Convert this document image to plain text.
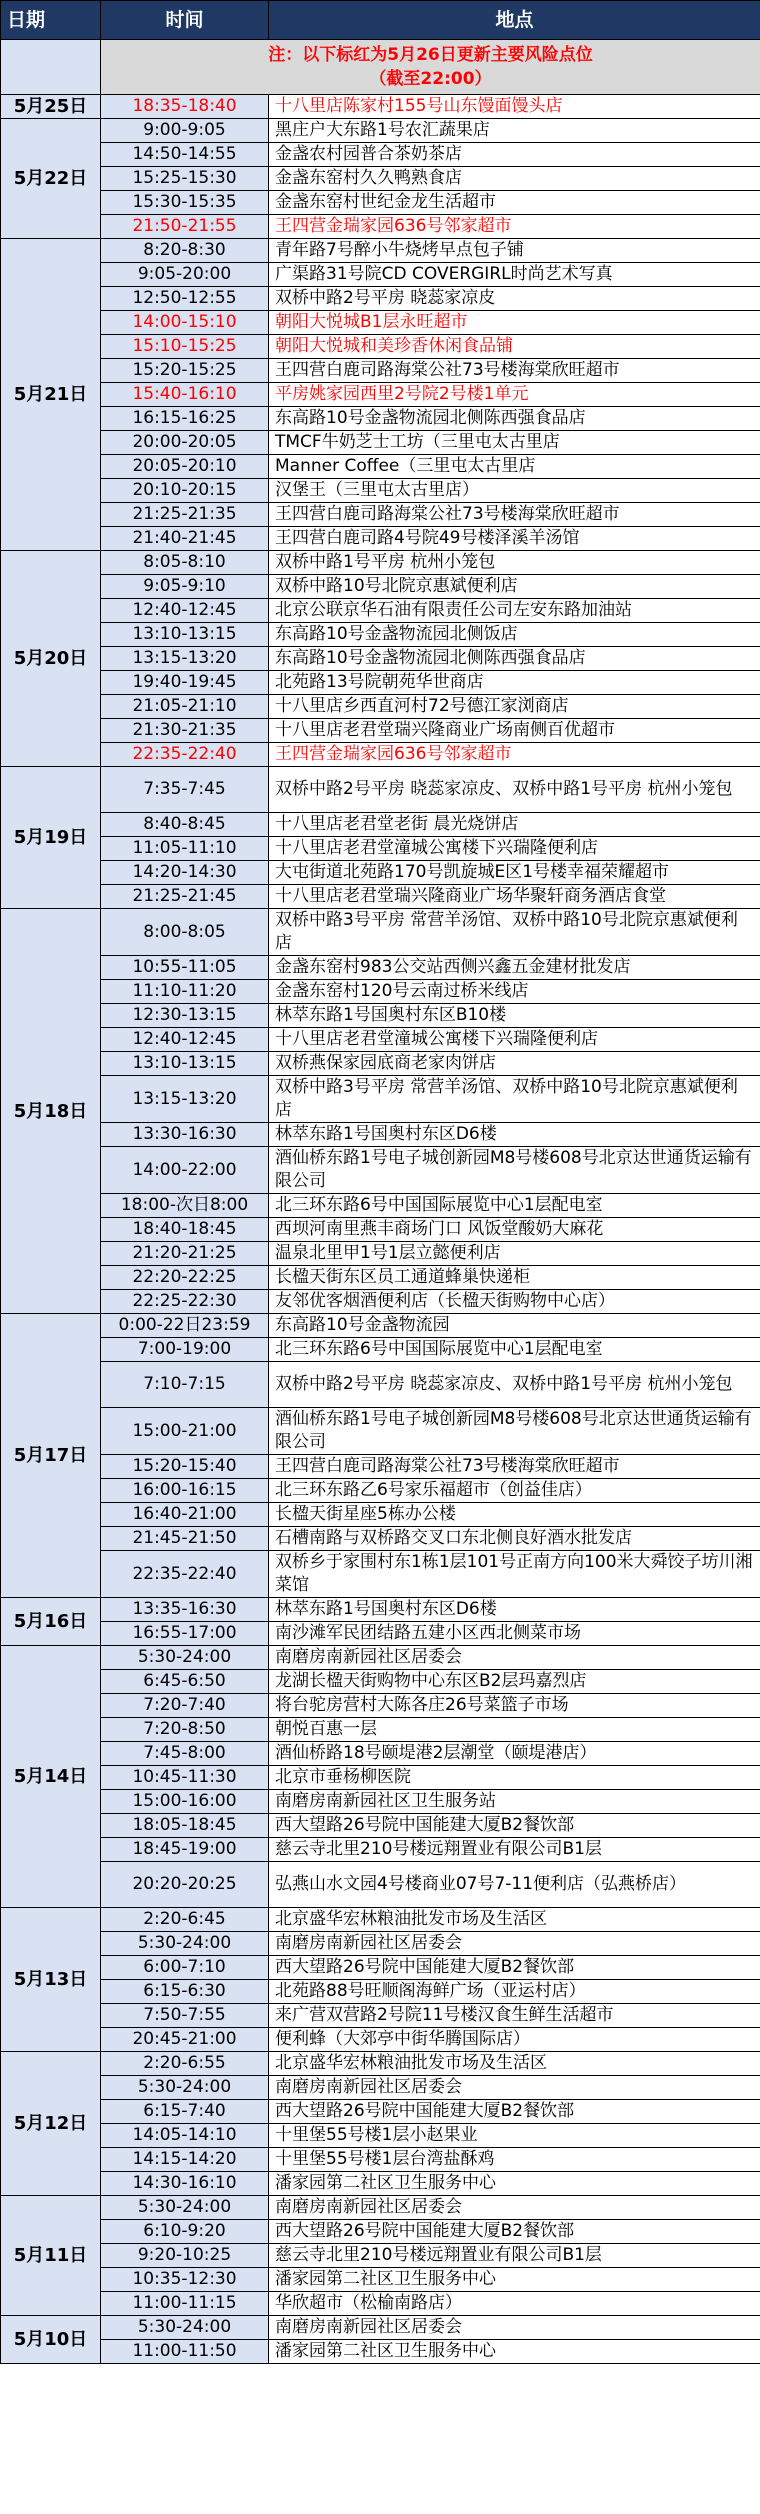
日期	时间	地点

	注：以下标红为5月26日更新主要风险点位
（截至22:00）	

5月25日	18:35-18:40	十八里店陈家村155号山东馒面馒头店
5月22日	9:00-9:05	黑庄户大东路1号农汇蔬果店
	14:50-14:55	金盏农村园普合茶奶茶店
	15:25-15:30	金盏东窑村久久鸭熟食店
	15:30-15:35	金盏东窑村世纪金龙生活超市
	21:50-21:55	王四营金瑞家园636号邻家超市
5月21日	8:20-8:30	青年路7号醉小牛烧烤早点包子铺
	9:05-20:00	广渠路31号院CD COVERGIRL时尚艺术写真
	12:50-12:55	双桥中路2号平房 晓蕊家凉皮
	14:00-15:10	朝阳大悦城B1层永旺超市
	15:10-15:25	朝阳大悦城和美珍香休闲食品铺
	15:20-15:25	王四营白鹿司路海棠公社73号楼海棠欣旺超市
	15:40-16:10	平房姚家园西里2号院2号楼1单元
	16:15-16:25	东高路10号金盏物流园北侧陈西强食品店
	20:00-20:05	TMCF牛奶芝士工坊（三里屯太古里店
	20:05-20:10	Manner Coffee（三里屯太古里店
	20:10-20:15	汉堡王（三里屯太古里店）
	21:25-21:35	王四营白鹿司路海棠公社73号楼海棠欣旺超市
	21:40-21:45	王四营白鹿司路4号院49号楼泽溪羊汤馆
5月20日	8:05-8:10	双桥中路1号平房 杭州小笼包
	9:05-9:10	双桥中路10号北院京惠斌便利店
	12:40-12:45	北京公联京华石油有限责任公司左安东路加油站
	13:10-13:15	东高路10号金盏物流园北侧饭店
	13:15-13:20	东高路10号金盏物流园北侧陈西强食品店
	19:40-19:45	北苑路13号院朝苑华世商店
	21:05-21:10	十八里店乡西直河村72号德江家浏商店
	21:30-21:35	十八里店老君堂瑞兴隆商业广场南侧百优超市
	22:35-22:40	王四营金瑞家园636号邻家超市
5月19日	7:35-7:45	双桥中路2号平房 晓蕊家凉皮、双桥中路1号平房 杭州小笼包
	8:40-8:45	十八里店老君堂老街 晨光烧饼店
	11:05-11:10	十八里店老君堂潼城公寓楼下兴瑞隆便利店
	14:20-14:30	大屯街道北苑路170号凯旋城E区1号楼幸福荣耀超市
	21:25-21:45	十八里店老君堂瑞兴隆商业广场华聚轩商务酒店食堂
5月18日	8:00-8:05	双桥中路3号平房 常营羊汤馆、双桥中路10号北院京惠斌便利店
	10:55-11:05	金盏东窑村983公交站西侧兴鑫五金建材批发店
	11:10-11:20	金盏东窑村120号云南过桥米线店
	12:30-13:15	林萃东路1号国奥村东区B10楼
	12:40-12:45	十八里店老君堂潼城公寓楼下兴瑞隆便利店
	13:10-13:15	双桥燕保家园底商老家肉饼店
	13:15-13:20	双桥中路3号平房 常营羊汤馆、双桥中路10号北院京惠斌便利店
	13:30-16:30	林萃东路1号国奥村东区D6楼
	14:00-22:00	酒仙桥东路1号电子城创新园M8号楼608号北京达世通货运输有限公司
	18:00-次日8:00	北三环东路6号中国国际展览中心1层配电室
	18:40-18:45	西坝河南里燕丰商场门口 风饭堂酸奶大麻花
	21:20-21:25	温泉北里甲1号1层立懿便利店
	22:20-22:25	长楹天街东区员工通道蜂巢快递柜
	22:25-22:30	友邻优客烟酒便利店（长楹天街购物中心店）
5月17日	0:00-22日23:59	东高路10号金盏物流园
	7:00-19:00	北三环东路6号中国国际展览中心1层配电室
	7:10-7:15	双桥中路2号平房 晓蕊家凉皮、双桥中路1号平房 杭州小笼包
	15:00-21:00	酒仙桥东路1号电子城创新园M8号楼608号北京达世通货运输有限公司
	15:20-15:40	王四营白鹿司路海棠公社73号楼海棠欣旺超市
	16:00-16:15	北三环东路乙6号家乐福超市（创益佳店）
	16:40-21:00	长楹天街星座5栋办公楼
	21:45-21:50	石槽南路与双桥路交叉口东北侧良好酒水批发店
	22:35-22:40	双桥乡于家围村东1栋1层101号正南方向100米大舜饺子坊川湘菜馆
5月16日	13:35-16:30	林萃东路1号国奥村东区D6楼
	16:55-17:00	南沙滩军民团结路五建小区西北侧菜市场
5月14日	5:30-24:00	南磨房南新园社区居委会
	6:45-6:50	龙湖长楹天街购物中心东区B2层玛嘉烈店
	7:20-7:40	将台驼房营村大陈各庄26号菜篮子市场
	7:20-8:50	朝悦百惠一层
	7:45-8:00	酒仙桥路18号颐堤港2层潮堂（颐堤港店）
	10:45-11:30	北京市垂杨柳医院
	15:00-16:00	南磨房南新园社区卫生服务站
	18:05-18:45	西大望路26号院中国能建大厦B2餐饮部
	18:45-19:00	慈云寺北里210号楼远翔置业有限公司B1层
	20:20-20:25	弘燕山水文园4号楼商业07号7-11便利店（弘燕桥店）
5月13日	2:20-6:45	北京盛华宏林粮油批发市场及生活区
	5:30-24:00	南磨房南新园社区居委会
	6:00-7:10	西大望路26号院中国能建大厦B2餐饮部
	6:15-6:30	北苑路88号旺顺阁海鲜广场（亚运村店）
	7:50-7:55	来广营双营路2号院11号楼汉食生鲜生活超市
	20:45-21:00	便利蜂（大郊亭中街华腾国际店）
5月12日	2:20-6:55	北京盛华宏林粮油批发市场及生活区
	5:30-24:00	南磨房南新园社区居委会
	6:15-7:40	西大望路26号院中国能建大厦B2餐饮部
	14:05-14:10	十里堡55号楼1层小赵果业
	14:15-14:20	十里堡55号楼1层台湾盐酥鸡
	14:30-16:10	潘家园第二社区卫生服务中心
5月11日	5:30-24:00	南磨房南新园社区居委会
	6:10-9:20	西大望路26号院中国能建大厦B2餐饮部
	9:20-10:25	慈云寺北里210号楼远翔置业有限公司B1层
	10:35-12:30	潘家园第二社区卫生服务中心
	11:00-11:15	华欣超市（松榆南路店）
5月10日	5:30-24:00	南磨房南新园社区居委会
	11:00-11:50	潘家园第二社区卫生服务中心
